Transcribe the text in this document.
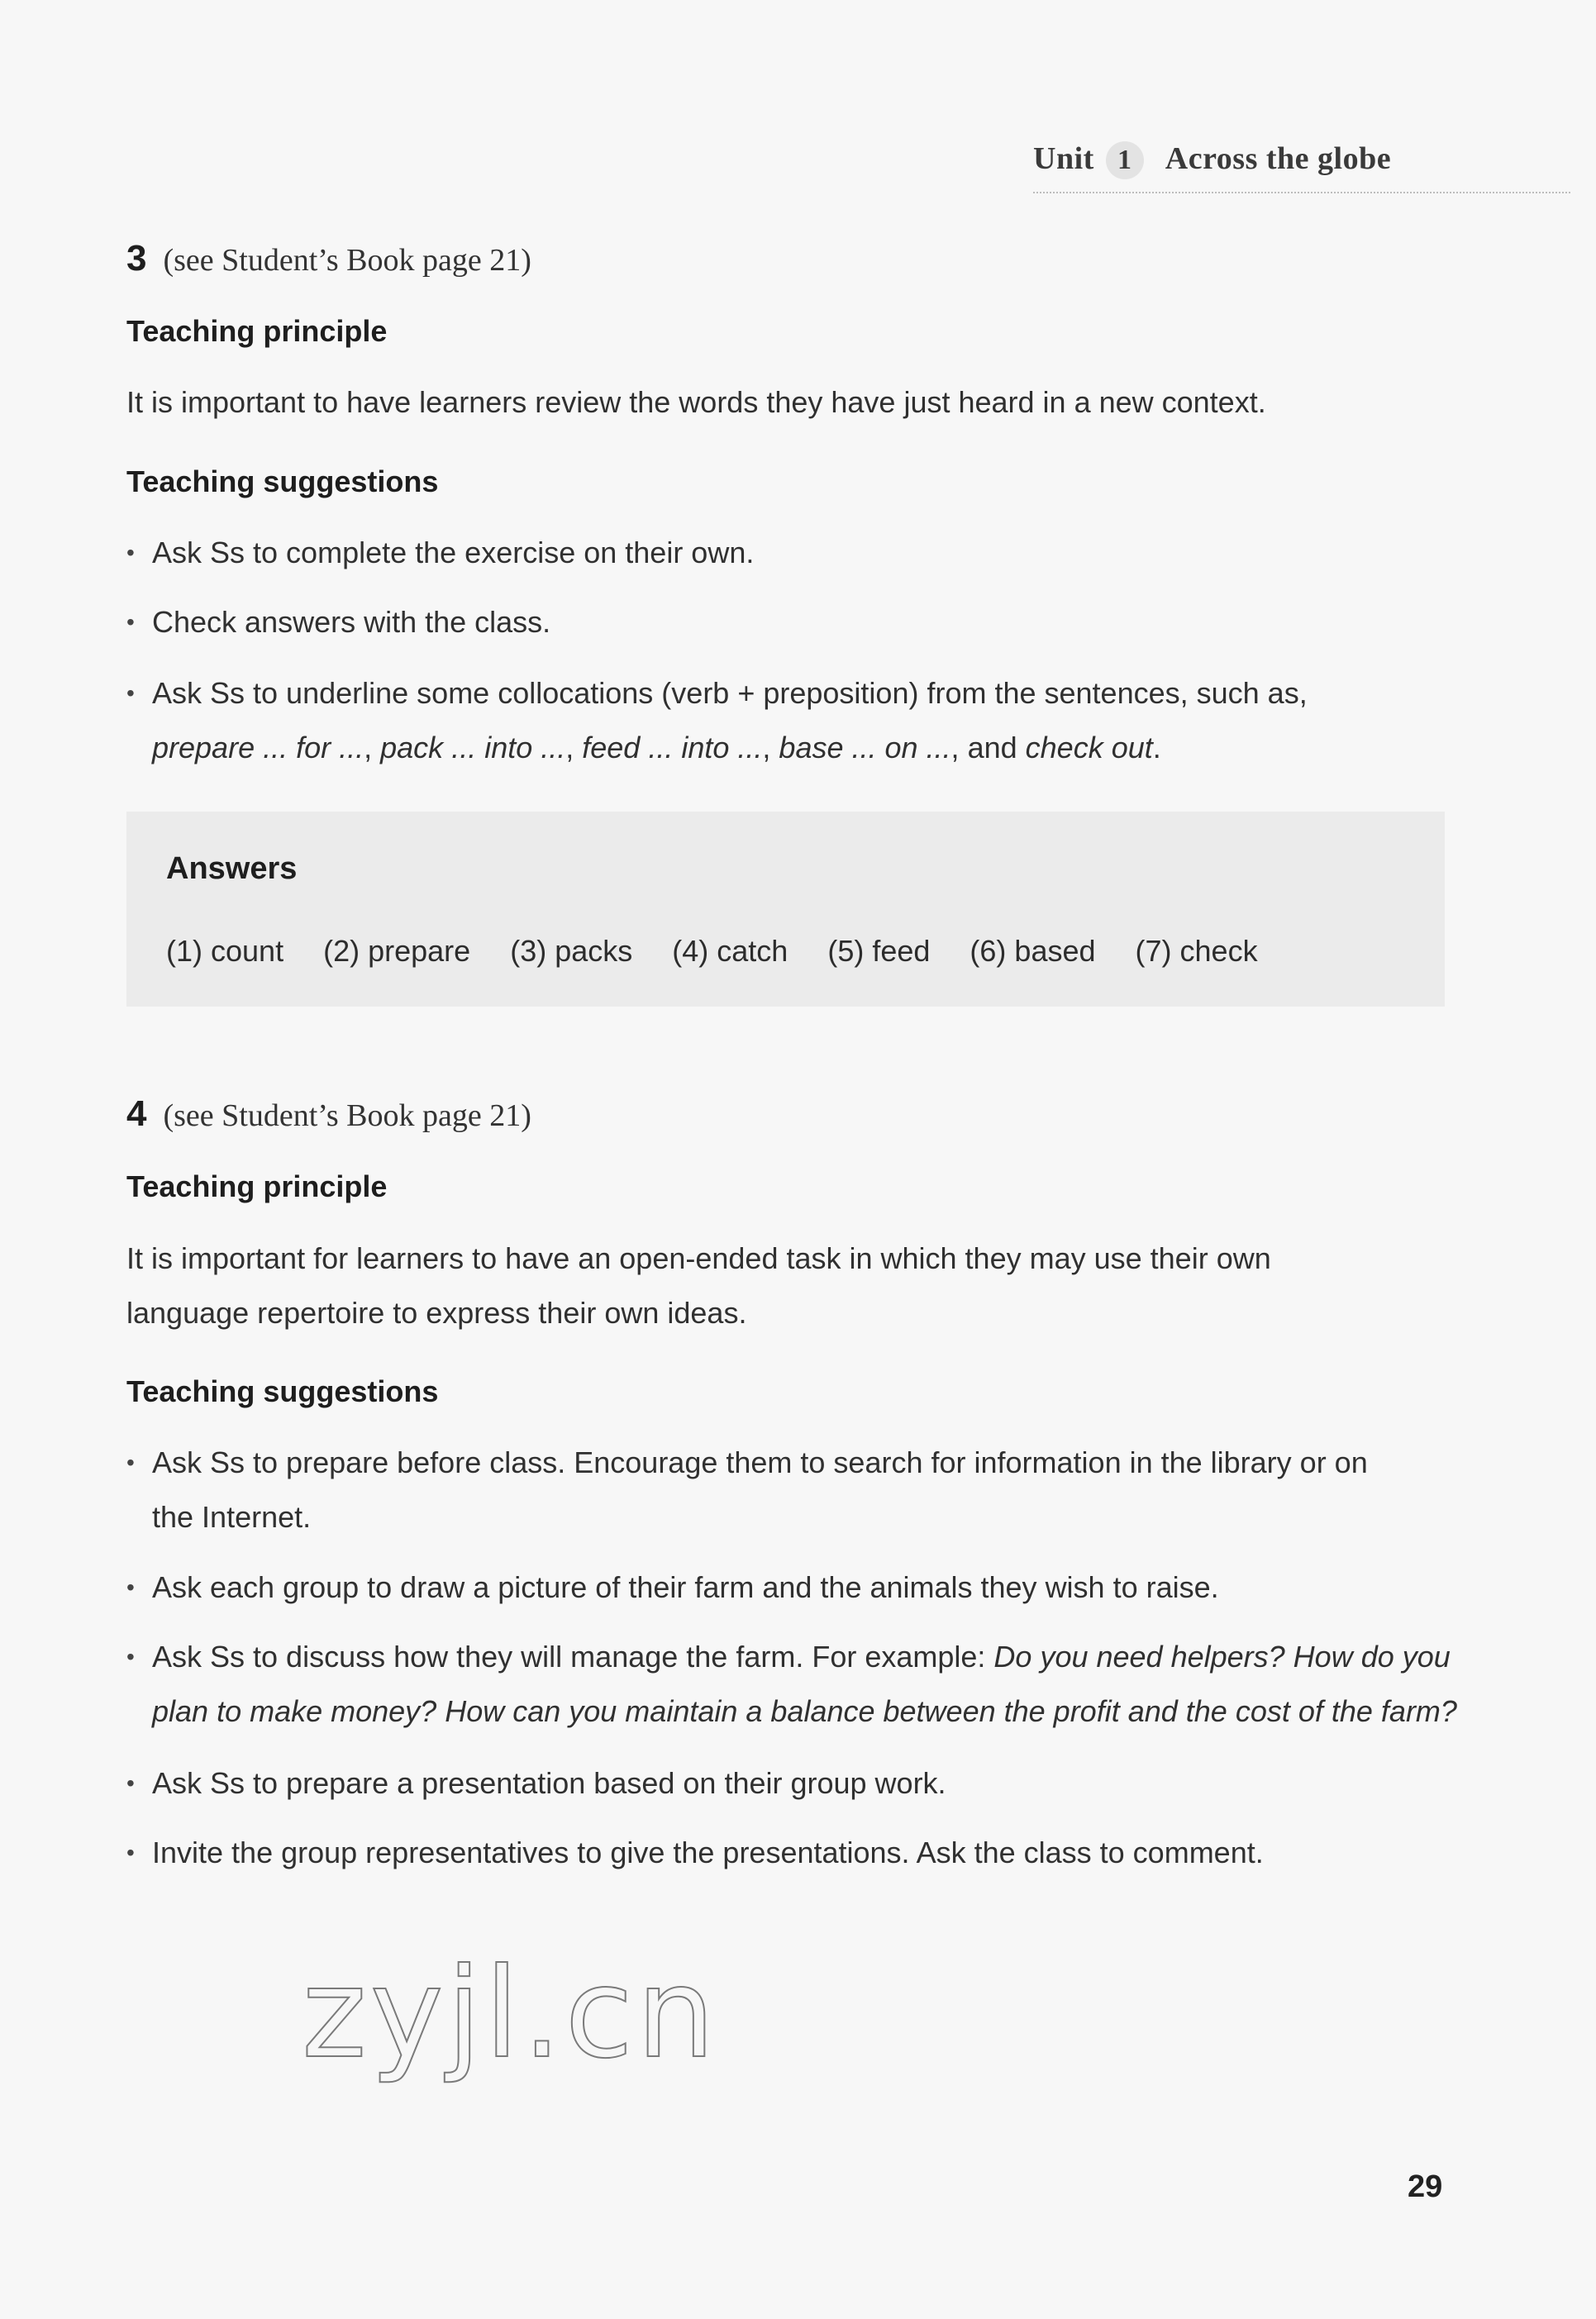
Unit 1 Across the globe
3 (see Student’s Book page 21)
Teaching principle
It is important to have learners review the words they have just heard in a new context.
Teaching suggestions
• Ask Ss to complete the exercise on their own.
• Check answers with the class.
• Ask Ss to underline some collocations (verb + preposition) from the sentences, such as,
prepare ... for ..., pack ... into ..., feed ... into ..., base ... on ..., and check out.
Answers
(1) count (2) prepare (3) packs (4) catch (5) feed (6) based (7) check
4 (see Student’s Book page 21)
Teaching principle
It is important for learners to have an open-ended task in which they may use their own
language repertoire to express their own ideas.
Teaching suggestions
• Ask Ss to prepare before class. Encourage them to search for information in the library or on
the Internet.
• Ask each group to draw a picture of their farm and the animals they wish to raise.
• Ask Ss to discuss how they will manage the farm. For example: Do you need helpers? How do you
plan to make money? How can you maintain a balance between the profit and the cost of the farm?
• Ask Ss to prepare a presentation based on their group work.
• Invite the group representatives to give the presentations. Ask the class to comment.
zyjl.cn
29
